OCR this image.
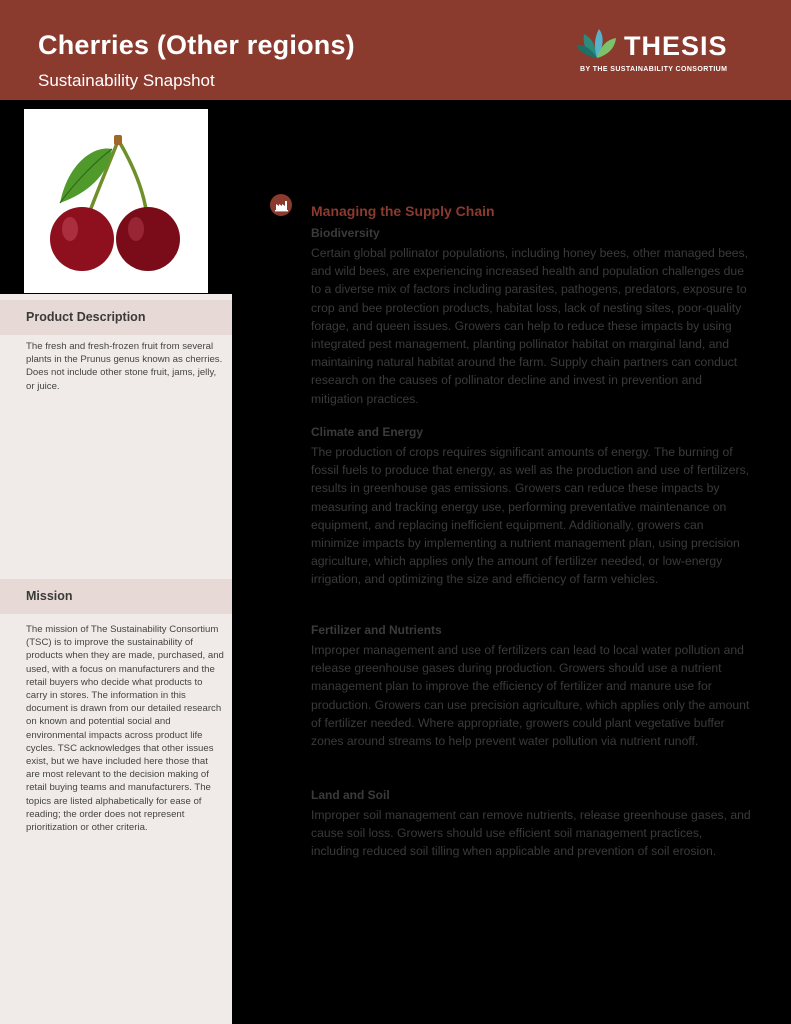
Cherries (Other regions)
Sustainability Snapshot
THESIS
BY THE SUSTAINABILITY CONSORTIUM
Product Description
The fresh and fresh-frozen fruit from several plants in the Prunus genus known as cherries. Does not include other stone fruit, jams, jelly, or juice.
Mission
The mission of The Sustainability Consortium (TSC) is to improve the sustainability of products when they are made, purchased, and used, with a focus on manufacturers and the retail buyers who decide what products to carry in stores. The information in this document is drawn from our detailed research on known and potential social and environmental impacts across product life cycles. TSC acknowledges that other issues exist, but we have included here those that are most relevant to the decision making of retail buying teams and manufacturers. The topics are listed alphabetically for ease of reading; the order does not represent prioritization or other criteria.
Managing the Supply Chain
Biodiversity
Certain global pollinator populations, including honey bees, other managed bees, and wild bees, are experiencing increased health and population challenges due to a diverse mix of factors including parasites, pathogens, predators, exposure to crop and bee protection products, habitat loss, lack of nesting sites, poor-quality forage, and queen issues. Growers can help to reduce these impacts by using integrated pest management, planting pollinator habitat on marginal land, and maintaining natural habitat around the farm. Supply chain partners can conduct research on the causes of pollinator decline and invest in prevention and mitigation practices.
Climate and Energy
The production of crops requires significant amounts of energy. The burning of fossil fuels to produce that energy, as well as the production and use of fertilizers, results in greenhouse gas emissions. Growers can reduce these impacts by measuring and tracking energy use, performing preventative maintenance on equipment, and replacing inefficient equipment. Additionally, growers can minimize impacts by implementing a nutrient management plan, using precision agriculture, which applies only the amount of fertilizer needed, or low-energy irrigation, and optimizing the size and efficiency of farm vehicles.
Fertilizer and Nutrients
Improper management and use of fertilizers can lead to local water pollution and release greenhouse gases during production. Growers should use a nutrient management plan to improve the efficiency of fertilizer and manure use for production. Growers can use precision agriculture, which applies only the amount of fertilizer needed. Where appropriate, growers could plant vegetative buffer zones around streams to help prevent water pollution via nutrient runoff.
Land and Soil
Improper soil management can remove nutrients, release greenhouse gases, and cause soil loss. Growers should use efficient soil management practices, including reduced soil tilling when applicable and prevention of soil erosion.
